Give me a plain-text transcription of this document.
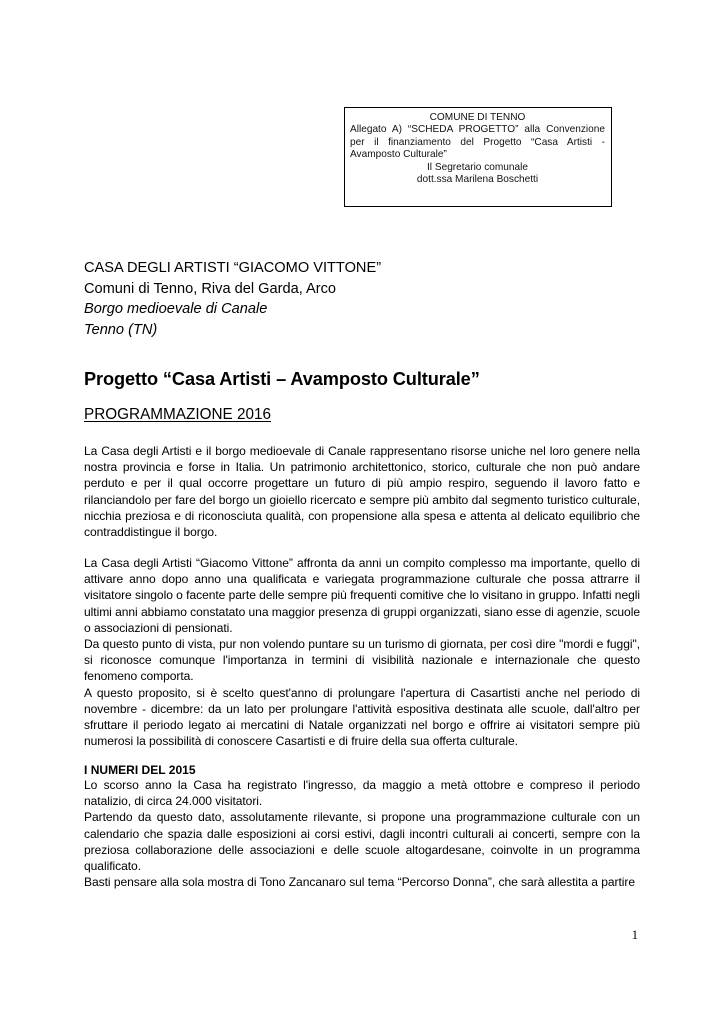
COMUNE DI TENNO
Allegato A) “SCHEDA PROGETTO” alla Convenzione per il finanziamento del Progetto “Casa Artisti - Avamposto Culturale”
Il Segretario comunale
dott.ssa Marilena Boschetti
CASA DEGLI ARTISTI “GIACOMO VITTONE”
Comuni di Tenno, Riva del Garda, Arco
Borgo medioevale di Canale
Tenno (TN)
Progetto “Casa Artisti – Avamposto Culturale”
PROGRAMMAZIONE 2016

La Casa degli Artisti e il borgo medioevale di Canale rappresentano risorse uniche nel loro genere nella nostra provincia e forse in Italia. Un patrimonio architettonico, storico, culturale che non può andare perduto e per il qual occorre progettare un futuro di più ampio respiro, seguendo il lavoro fatto e rilanciandolo per fare del borgo un gioiello ricercato e sempre più ambito dal segmento turistico culturale, nicchia preziosa e di riconosciuta qualità, con propensione alla spesa e attenta al delicato equilibrio che contraddistingue il borgo.

La Casa degli Artisti “Giacomo Vittone” affronta da anni un compito complesso ma importante, quello di attivare anno dopo anno una qualificata e variegata programmazione culturale che possa attrarre il visitatore singolo o facente parte delle sempre più frequenti comitive che lo visitano in gruppo. Infatti negli ultimi anni abbiamo constatato una maggior presenza di gruppi organizzati, siano esse di agenzie, scuole o associazioni di pensionati.

Da questo punto di vista, pur non volendo puntare su un turismo di giornata, per così dire "mordi e fuggi", si riconosce comunque l'importanza in termini di visibilità nazionale e internazionale che questo fenomeno comporta.

A questo proposito, si è scelto quest'anno di prolungare l'apertura di Casartisti anche nel periodo di novembre - dicembre: da un lato per prolungare l'attività espositiva destinata alle scuole, dall'altro per sfruttare il periodo legato ai mercatini di Natale organizzati nel borgo e offrire ai visitatori sempre più numerosi la possibilità di conoscere Casartisti e di fruire della sua offerta culturale.

I NUMERI DEL 2015

Lo scorso anno la Casa ha registrato l'ingresso, da maggio a metà ottobre e compreso il periodo natalizio, di circa 24.000 visitatori.

Partendo da questo dato, assolutamente rilevante, si propone una programmazione culturale con un calendario che spazia dalle esposizioni ai corsi estivi, dagli incontri culturali ai concerti, sempre con la preziosa collaborazione delle associazioni e delle scuole altogardesane, coinvolte in un programma qualificato.

Basti pensare alla sola mostra di Tono Zancanaro sul tema “Percorso Donna”, che sarà allestita a partire

1
